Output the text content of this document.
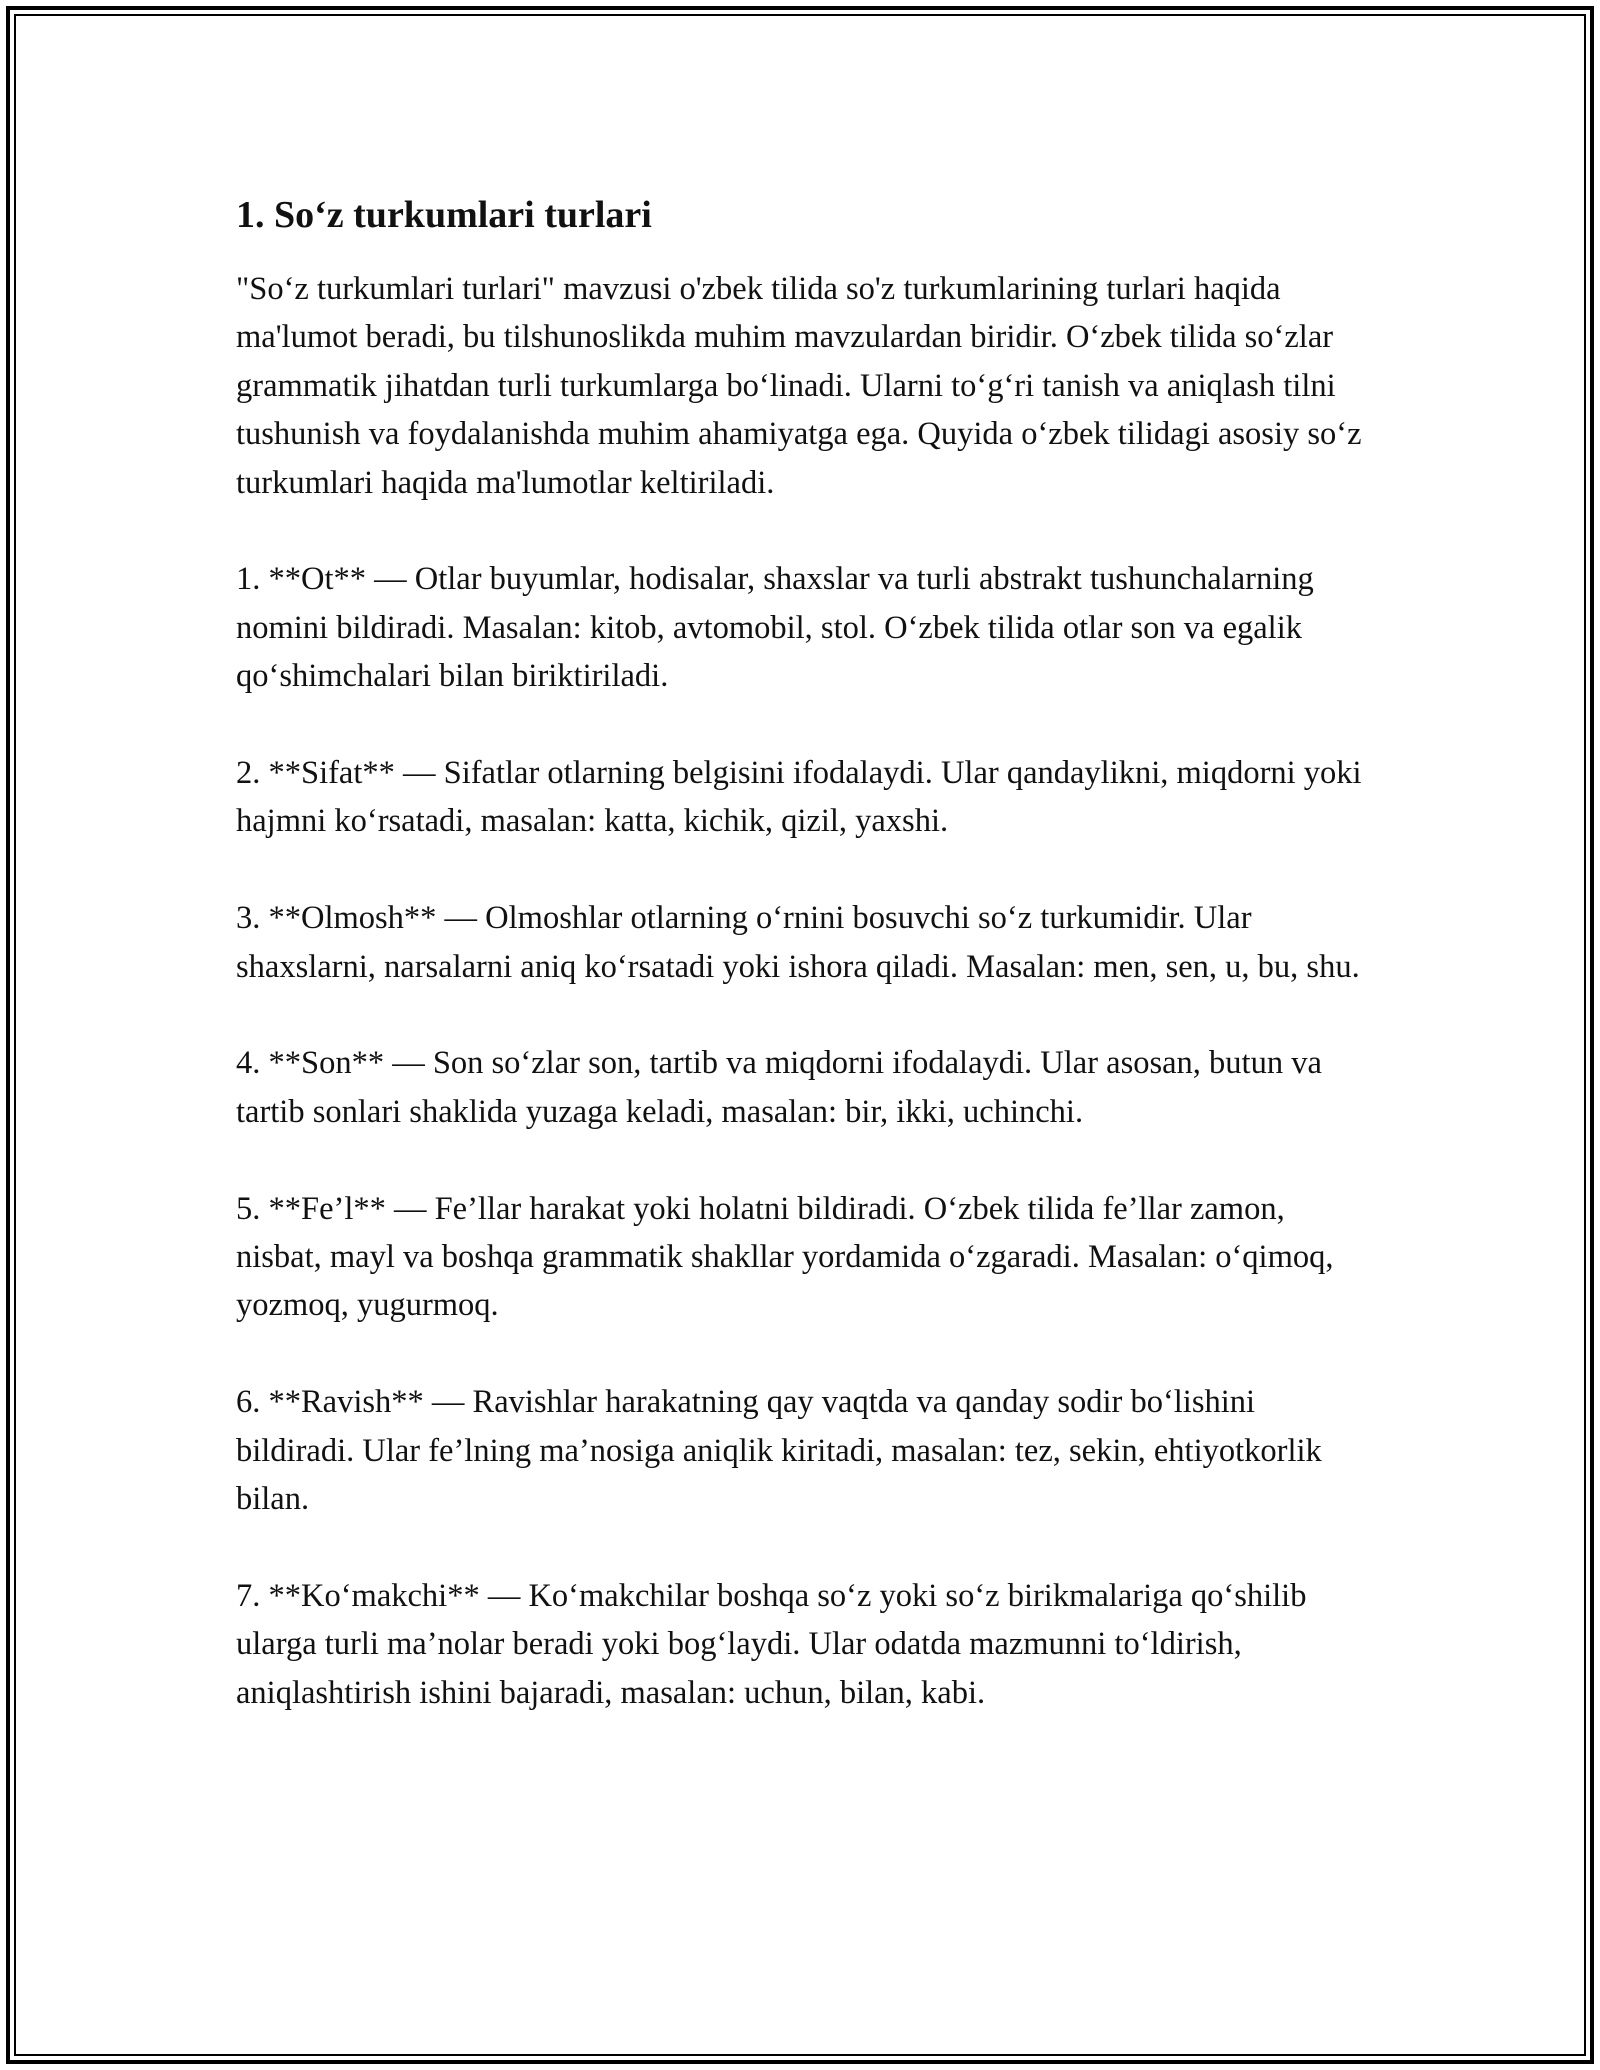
1. So‘z turkumlari turlari

"So‘z turkumlari turlari" mavzusi o'zbek tilida so'z turkumlarining turlari haqida ma'lumot beradi, bu tilshunoslikda muhim mavzulardan biridir. O‘zbek tilida so‘zlar grammatik jihatdan turli turkumlarga bo‘linadi. Ularni to‘g‘ri tanish va aniqlash tilni tushunish va foydalanishda muhim ahamiyatga ega. Quyida o‘zbek tilidagi asosiy so‘z turkumlari haqida ma'lumotlar keltiriladi.

1. **Ot** — Otlar buyumlar, hodisalar, shaxslar va turli abstrakt tushunchalarning nomini bildiradi. Masalan: kitob, avtomobil, stol. O‘zbek tilida otlar son va egalik qo‘shimchalari bilan biriktiriladi.

2. **Sifat** — Sifatlar otlarning belgisini ifodalaydi. Ular qandaylikni, miqdorni yoki hajmni ko‘rsatadi, masalan: katta, kichik, qizil, yaxshi.

3. **Olmosh** — Olmoshlar otlarning o‘rnini bosuvchi so‘z turkumidir. Ular shaxslarni, narsalarni aniq ko‘rsatadi yoki ishora qiladi. Masalan: men, sen, u, bu, shu.

4. **Son** — Son so‘zlar son, tartib va miqdorni ifodalaydi. Ular asosan, butun va tartib sonlari shaklida yuzaga keladi, masalan: bir, ikki, uchinchi.

5. **Fe’l** — Fe’llar harakat yoki holatni bildiradi. O‘zbek tilida fe’llar zamon, nisbat, mayl va boshqa grammatik shakllar yordamida o‘zgaradi. Masalan: o‘qimoq, yozmoq, yugurmoq.

6. **Ravish** — Ravishlar harakatning qay vaqtda va qanday sodir bo‘lishini bildiradi. Ular fe’lning ma’nosiga aniqlik kiritadi, masalan: tez, sekin, ehtiyotkorlik bilan.

7. **Ko‘makchi** — Ko‘makchilar boshqa so‘z yoki so‘z birikmalariga qo‘shilib ularga turli ma’nolar beradi yoki bog‘laydi. Ular odatda mazmunni to‘ldirish, aniqlashtirish ishini bajaradi, masalan: uchun, bilan, kabi.
